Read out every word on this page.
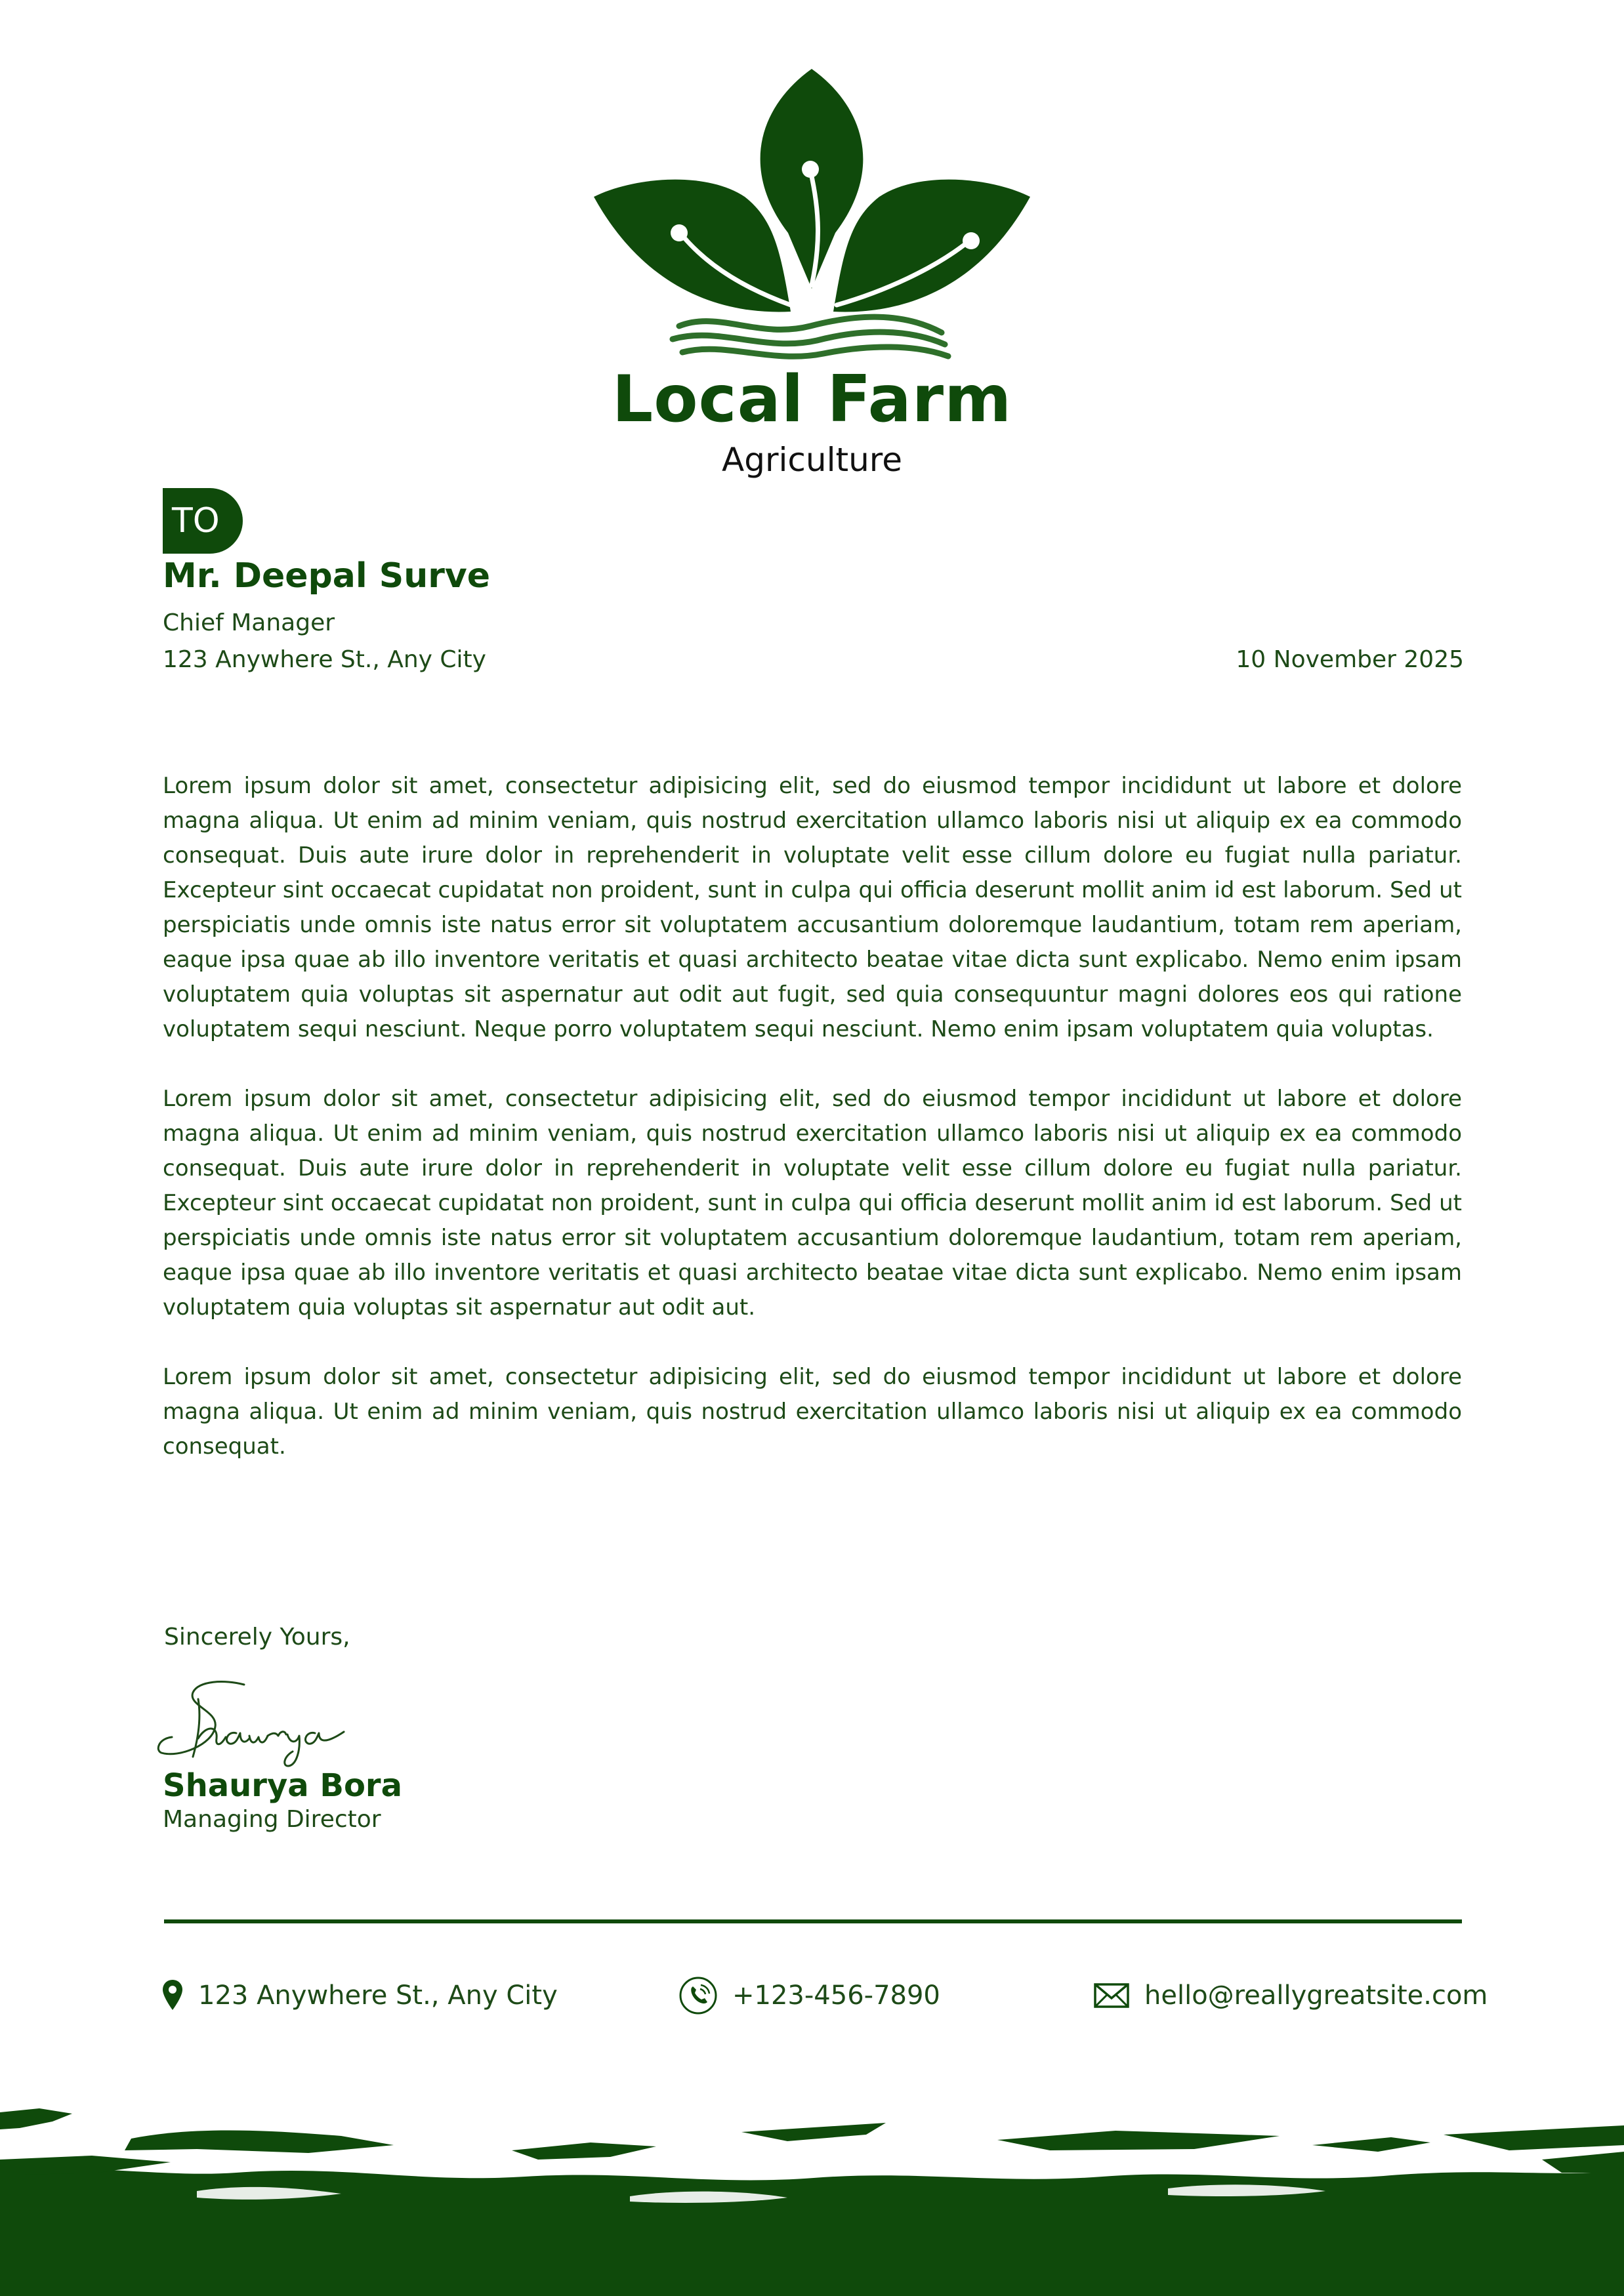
Local Farm
Agriculture
TO
Mr. Deepal Surve
Chief Manager
123 Anywhere St., Any City	10 November 2025

Lorem ipsum dolor sit amet, consectetur adipisicing elit, sed do eiusmod tempor incididunt ut labore et dolore magna aliqua. Ut enim ad minim veniam, quis nostrud exercitation ullamco laboris nisi ut aliquip ex ea commodo consequat. Duis aute irure dolor in reprehenderit in voluptate velit esse cillum dolore eu fugiat nulla pariatur. Excepteur sint occaecat cupidatat non proident, sunt in culpa qui officia deserunt mollit anim id est laborum. Sed ut perspiciatis unde omnis iste natus error sit voluptatem accusantium doloremque laudantium, totam rem aperiam, eaque ipsa quae ab illo inventore veritatis et quasi architecto beatae vitae dicta sunt explicabo. Nemo enim ipsam voluptatem quia voluptas sit aspernatur aut odit aut fugit, sed quia consequuntur magni dolores eos qui ratione voluptatem sequi nesciunt. Neque porro voluptatem sequi nesciunt. Nemo enim ipsam voluptatem quia voluptas.

Lorem ipsum dolor sit amet, consectetur adipisicing elit, sed do eiusmod tempor incididunt ut labore et dolore magna aliqua. Ut enim ad minim veniam, quis nostrud exercitation ullamco laboris nisi ut aliquip ex ea commodo consequat. Duis aute irure dolor in reprehenderit in voluptate velit esse cillum dolore eu fugiat nulla pariatur. Excepteur sint occaecat cupidatat non proident, sunt in culpa qui officia deserunt mollit anim id est laborum. Sed ut perspiciatis unde omnis iste natus error sit voluptatem accusantium doloremque laudantium, totam rem aperiam, eaque ipsa quae ab illo inventore veritatis et quasi architecto beatae vitae dicta sunt explicabo. Nemo enim ipsam voluptatem quia voluptas sit aspernatur aut odit aut.

Lorem ipsum dolor sit amet, consectetur adipisicing elit, sed do eiusmod tempor incididunt ut labore et dolore magna aliqua. Ut enim ad minim veniam, quis nostrud exercitation ullamco laboris nisi ut aliquip ex ea commodo consequat.

Sincerely Yours,
Shaurya Bora
Managing Director
123 Anywhere St., Any City	+123-456-7890	hello@reallygreatsite.com
